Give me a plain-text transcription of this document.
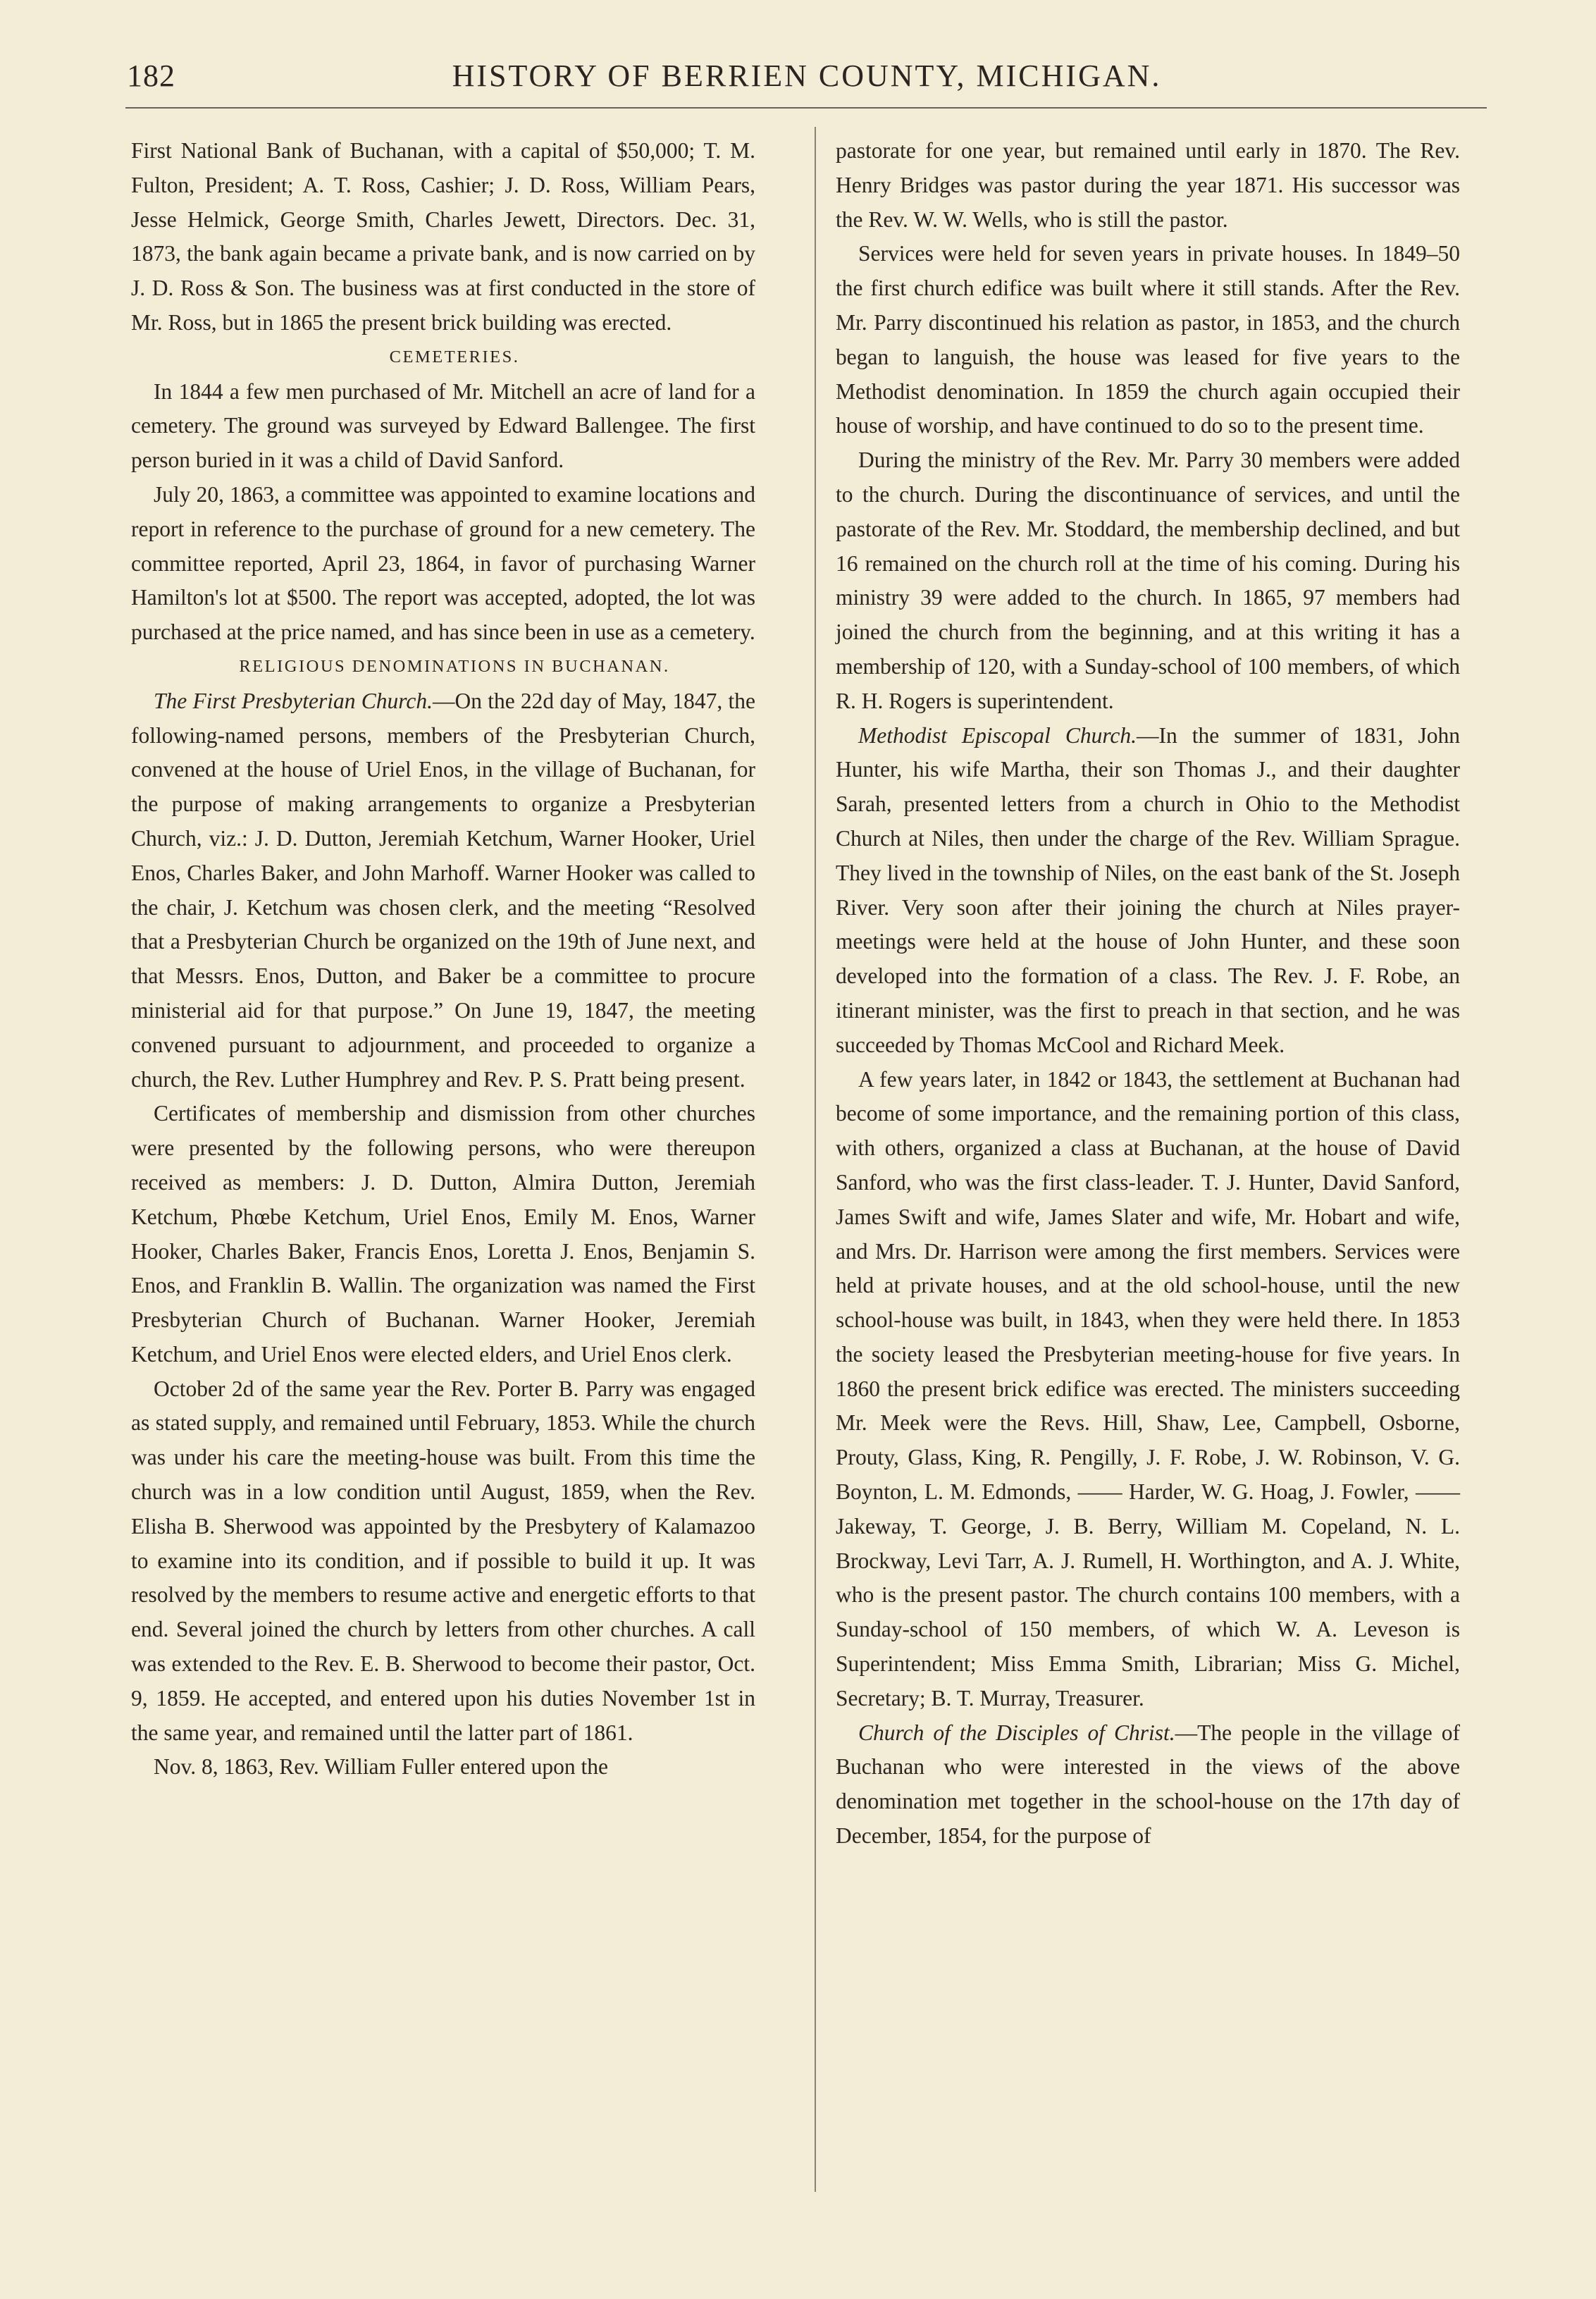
182	HISTORY OF BERRIEN COUNTY, MICHIGAN.

First National Bank of Buchanan, with a capital of $50,000; T. M. Fulton, President; A. T. Ross, Cashier; J. D. Ross, William Pears, Jesse Helmick, George Smith, Charles Jewett, Directors. Dec. 31, 1873, the bank again became a private bank, and is now carried on by J. D. Ross & Son. The business was at first conducted in the store of Mr. Ross, but in 1865 the present brick building was erected.

CEMETERIES.

In 1844 a few men purchased of Mr. Mitchell an acre of land for a cemetery. The ground was surveyed by Edward Ballengee. The first person buried in it was a child of David Sanford.

July 20, 1863, a committee was appointed to examine locations and report in reference to the purchase of ground for a new cemetery. The committee reported, April 23, 1864, in favor of purchasing Warner Hamilton's lot at $500. The report was accepted, adopted, the lot was purchased at the price named, and has since been in use as a cemetery.

RELIGIOUS DENOMINATIONS IN BUCHANAN.

The First Presbyterian Church.—On the 22d day of May, 1847, the following-named persons, members of the Presbyterian Church, convened at the house of Uriel Enos, in the village of Buchanan, for the purpose of making arrangements to organize a Presbyterian Church, viz.: J. D. Dutton, Jeremiah Ketchum, Warner Hooker, Uriel Enos, Charles Baker, and John Marhoff. Warner Hooker was called to the chair, J. Ketchum was chosen clerk, and the meeting “Resolved that a Presbyterian Church be organized on the 19th of June next, and that Messrs. Enos, Dutton, and Baker be a committee to procure ministerial aid for that purpose.” On June 19, 1847, the meeting convened pursuant to adjournment, and proceeded to organize a church, the Rev. Luther Humphrey and Rev. P. S. Pratt being present.

Certificates of membership and dismission from other churches were presented by the following persons, who were thereupon received as members: J. D. Dutton, Almira Dutton, Jeremiah Ketchum, Phœbe Ketchum, Uriel Enos, Emily M. Enos, Warner Hooker, Charles Baker, Francis Enos, Loretta J. Enos, Benjamin S. Enos, and Franklin B. Wallin. The organization was named the First Presbyterian Church of Buchanan. Warner Hooker, Jeremiah Ketchum, and Uriel Enos were elected elders, and Uriel Enos clerk.

October 2d of the same year the Rev. Porter B. Parry was engaged as stated supply, and remained until February, 1853. While the church was under his care the meeting-house was built. From this time the church was in a low condition until August, 1859, when the Rev. Elisha B. Sherwood was appointed by the Presbytery of Kalamazoo to examine into its condition, and if possible to build it up. It was resolved by the members to resume active and energetic efforts to that end. Several joined the church by letters from other churches. A call was extended to the Rev. E. B. Sherwood to become their pastor, Oct. 9, 1859. He accepted, and entered upon his duties November 1st in the same year, and remained until the latter part of 1861.

Nov. 8, 1863, Rev. William Fuller entered upon the

pastorate for one year, but remained until early in 1870. The Rev. Henry Bridges was pastor during the year 1871. His successor was the Rev. W. W. Wells, who is still the pastor.

Services were held for seven years in private houses. In 1849–50 the first church edifice was built where it still stands. After the Rev. Mr. Parry discontinued his relation as pastor, in 1853, and the church began to languish, the house was leased for five years to the Methodist denomination. In 1859 the church again occupied their house of worship, and have continued to do so to the present time.

During the ministry of the Rev. Mr. Parry 30 members were added to the church. During the discontinuance of services, and until the pastorate of the Rev. Mr. Stoddard, the membership declined, and but 16 remained on the church roll at the time of his coming. During his ministry 39 were added to the church. In 1865, 97 members had joined the church from the beginning, and at this writing it has a membership of 120, with a Sunday-school of 100 members, of which R. H. Rogers is superintendent.

Methodist Episcopal Church.—In the summer of 1831, John Hunter, his wife Martha, their son Thomas J., and their daughter Sarah, presented letters from a church in Ohio to the Methodist Church at Niles, then under the charge of the Rev. William Sprague. They lived in the township of Niles, on the east bank of the St. Joseph River. Very soon after their joining the church at Niles prayer-meetings were held at the house of John Hunter, and these soon developed into the formation of a class. The Rev. J. F. Robe, an itinerant minister, was the first to preach in that section, and he was succeeded by Thomas McCool and Richard Meek.

A few years later, in 1842 or 1843, the settlement at Buchanan had become of some importance, and the remaining portion of this class, with others, organized a class at Buchanan, at the house of David Sanford, who was the first class-leader. T. J. Hunter, David Sanford, James Swift and wife, James Slater and wife, Mr. Hobart and wife, and Mrs. Dr. Harrison were among the first members. Services were held at private houses, and at the old school-house, until the new school-house was built, in 1843, when they were held there. In 1853 the society leased the Presbyterian meeting-house for five years. In 1860 the present brick edifice was erected. The ministers succeeding Mr. Meek were the Revs. Hill, Shaw, Lee, Campbell, Osborne, Prouty, Glass, King, R. Pengilly, J. F. Robe, J. W. Robinson, V. G. Boynton, L. M. Edmonds, —— Harder, W. G. Hoag, J. Fowler, —— Jakeway, T. George, J. B. Berry, William M. Copeland, N. L. Brockway, Levi Tarr, A. J. Rumell, H. Worthington, and A. J. White, who is the present pastor. The church contains 100 members, with a Sunday-school of 150 members, of which W. A. Leveson is Superintendent; Miss Emma Smith, Librarian; Miss G. Michel, Secretary; B. T. Murray, Treasurer.

Church of the Disciples of Christ.—The people in the village of Buchanan who were interested in the views of the above denomination met together in the school-house on the 17th day of December, 1854, for the purpose of
